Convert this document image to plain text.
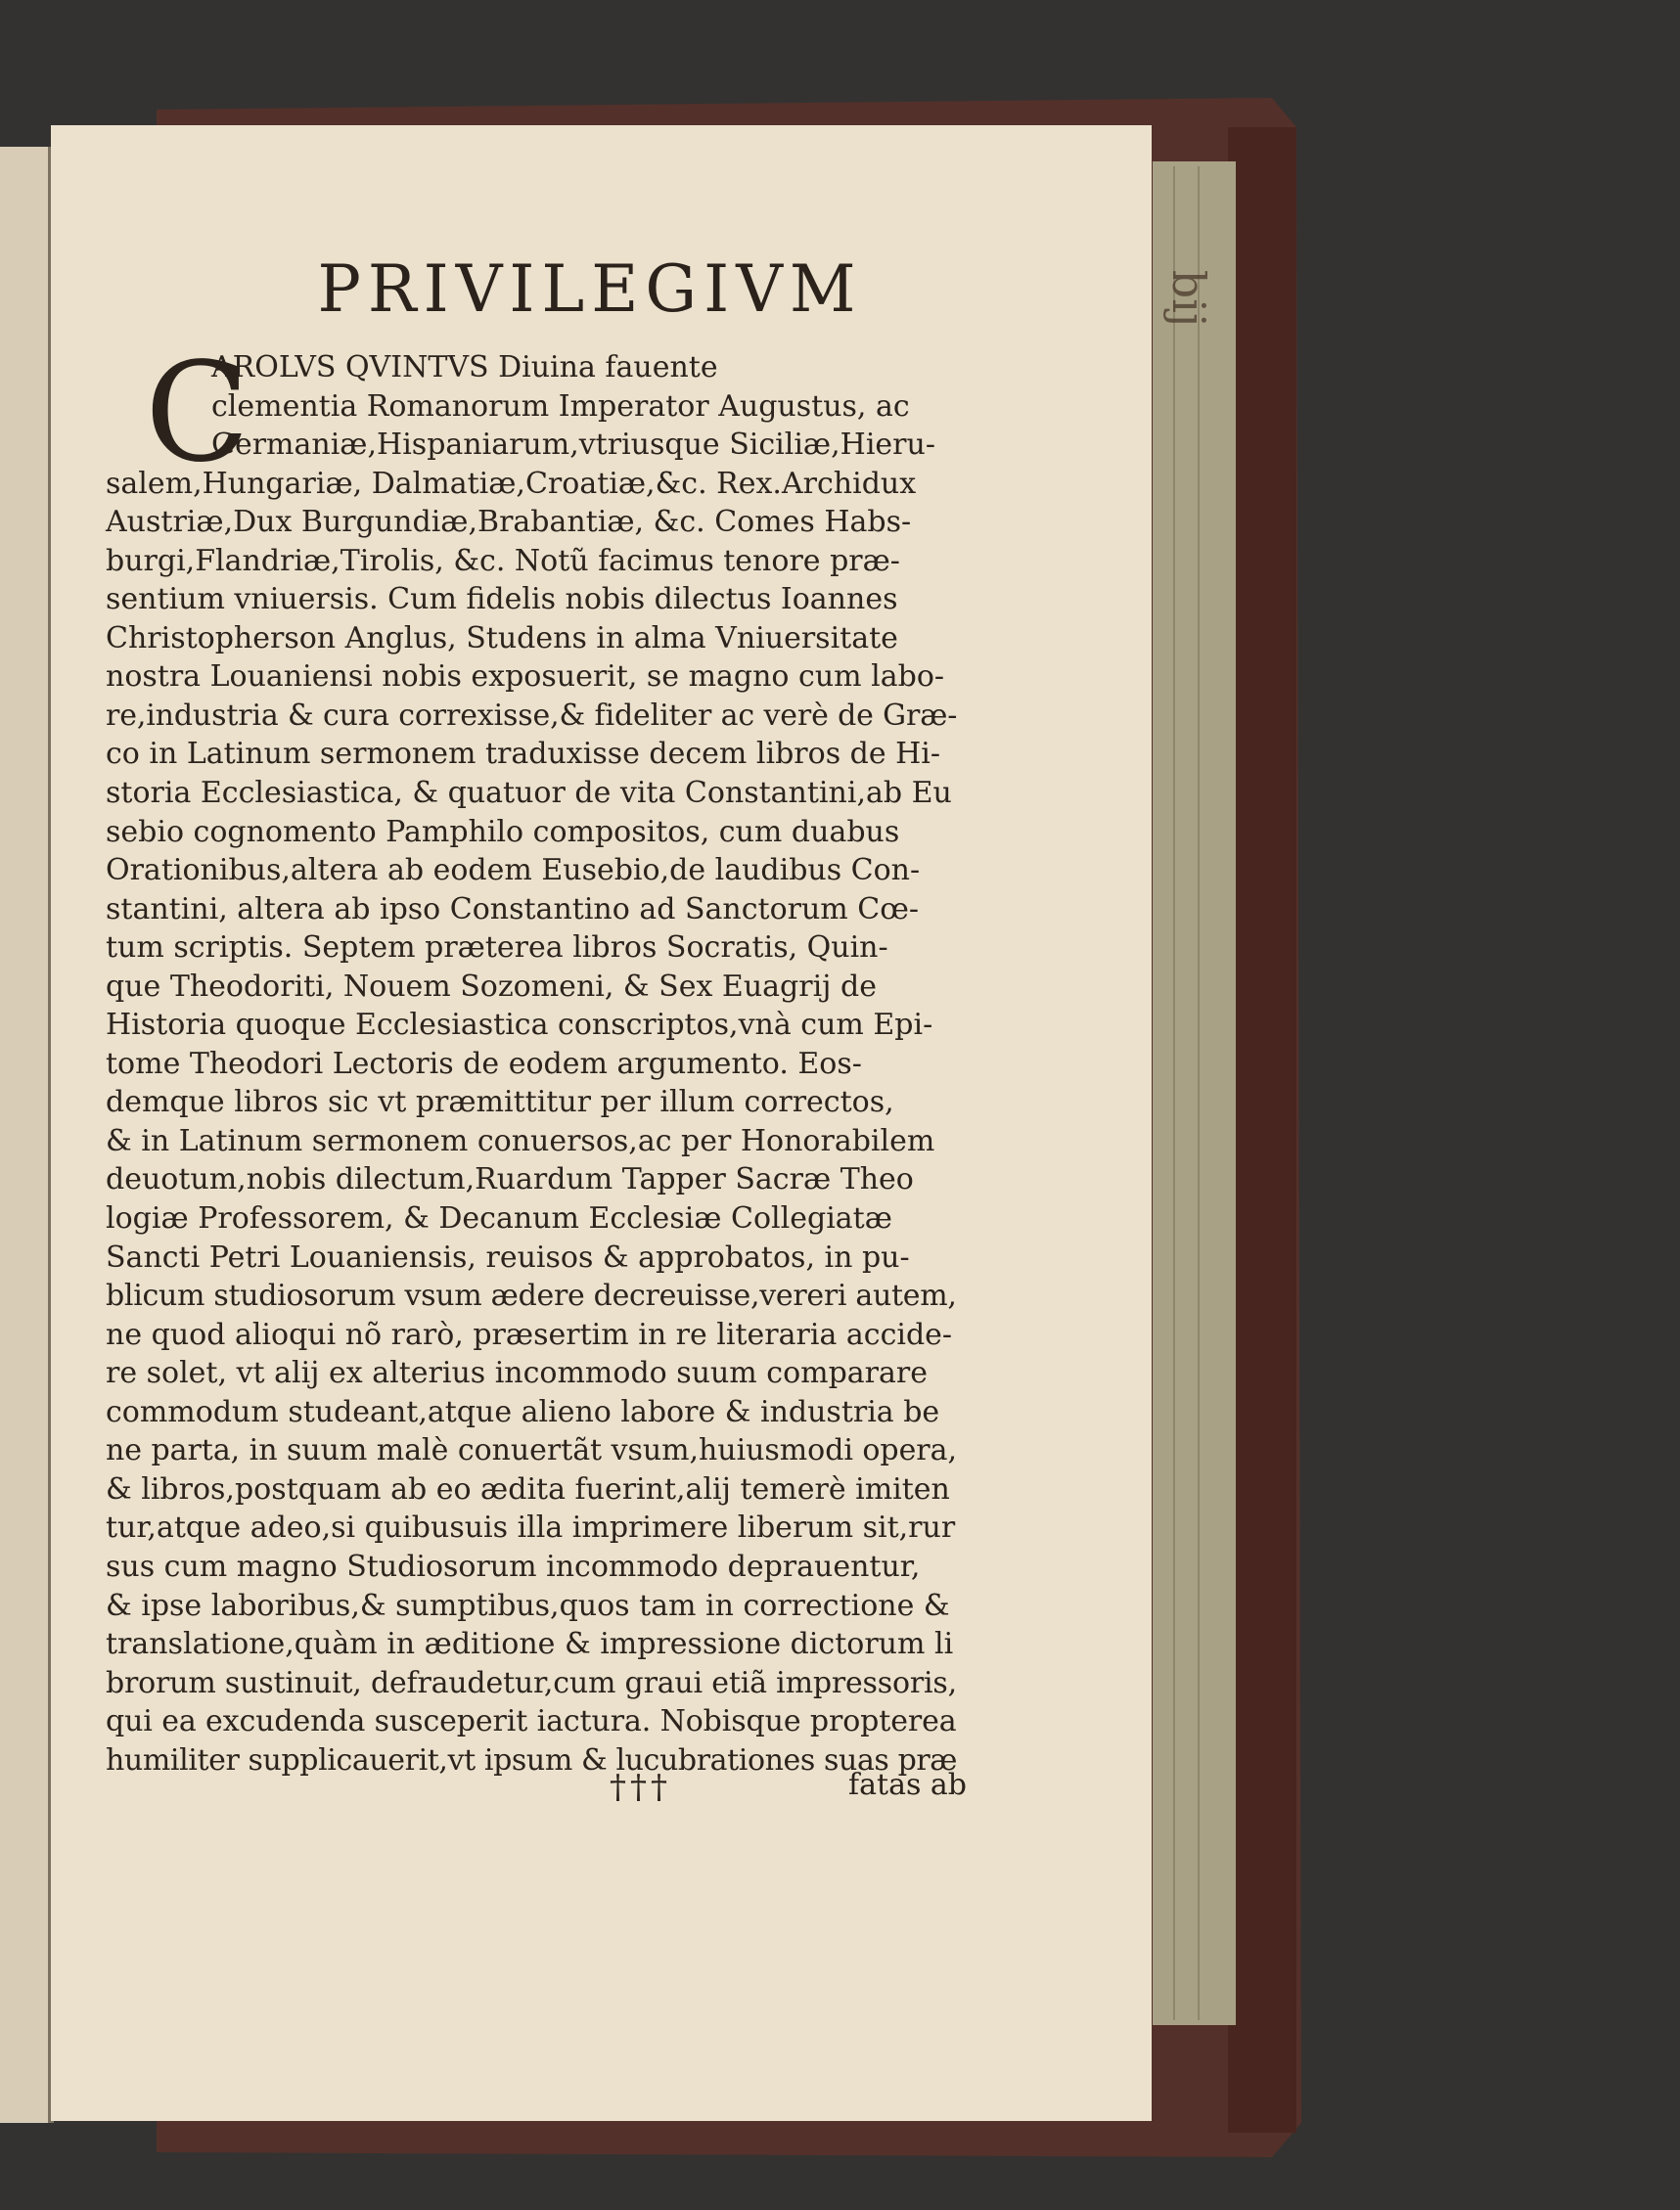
PRIVILEGIVM
C
AROLVS QVINTVS Diuina fauente
clementia Romanorum Imperator Augustus, ac
Germaniæ,Hispaniarum,vtriusque Siciliæ,Hieru-
salem,Hungariæ, Dalmatiæ,Croatiæ,&c. Rex.Archidux
Austriæ,Dux Burgundiæ,Brabantiæ, &c. Comes Habs-
burgi,Flandriæ,Tirolis, &c. Notũ facimus tenore præ-
sentium vniuersis. Cum fidelis nobis dilectus Ioannes
Christopherson Anglus, Studens in alma Vniuersitate
nostra Louaniensi nobis exposuerit, se magno cum labo-
re,industria & cura correxisse,& fideliter ac verè de Græ-
co in Latinum sermonem traduxisse decem libros de Hi-
storia Ecclesiastica, & quatuor de vita Constantini,ab Eu
sebio cognomento Pamphilo compositos, cum duabus
Orationibus,altera ab eodem Eusebio,de laudibus Con-
stantini, altera ab ipso Constantino ad Sanctorum Cœ-
tum scriptis. Septem præterea libros Socratis, Quin-
que Theodoriti, Nouem Sozomeni, & Sex Euagrij de
Historia quoque Ecclesiastica conscriptos,vnà cum Epi-
tome Theodori Lectoris de eodem argumento. Eos-
demque libros sic vt præmittitur per illum correctos,
& in Latinum sermonem conuersos,ac per Honorabilem
deuotum,nobis dilectum,Ruardum Tapper Sacræ Theo
logiæ Professorem, & Decanum Ecclesiæ Collegiatæ
Sancti Petri Louaniensis, reuisos & approbatos, in pu-
blicum studiosorum vsum ædere decreuisse,vereri autem,
ne quod alioqui nõ rarò, præsertim in re literaria accide-
re solet, vt alij ex alterius incommodo suum comparare
commodum studeant,atque alieno labore & industria be
ne parta, in suum malè conuertãt vsum,huiusmodi opera,
& libros,postquam ab eo ædita fuerint,alij temerè imiten
tur,atque adeo,si quibusuis illa imprimere liberum sit,rur
sus cum magno Studiosorum incommodo deprauentur,
& ipse laboribus,& sumptibus,quos tam in correctione &
translatione,quàm in æditione & impressione dictorum li
brorum sustinuit, defraudetur,cum graui etiã impressoris,
qui ea excudenda susceperit iactura. Nobisque propterea
humiliter supplicauerit,vt ipsum & lucubrationes suas præ
†††	fatas ab
bij
